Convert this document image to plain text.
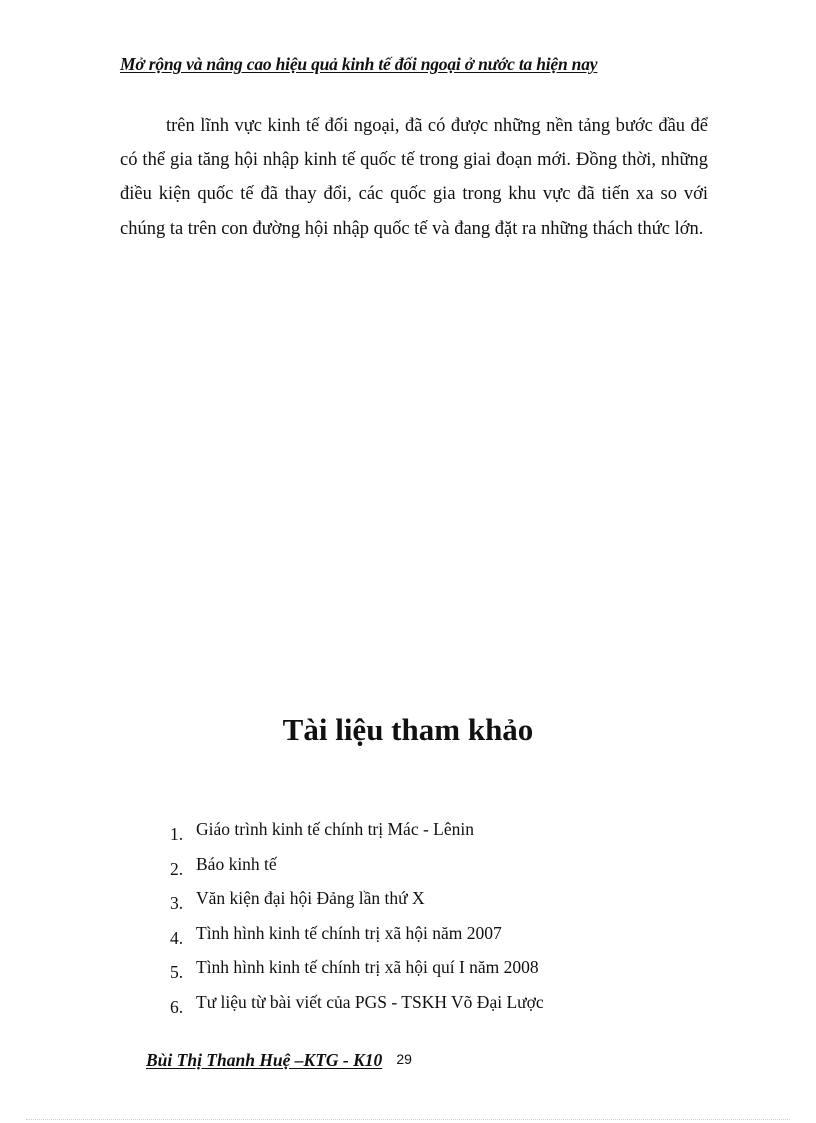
Mở rộng và nâng cao hiệu quả kinh tế đối ngoại ở nước ta hiện nay

trên lĩnh vực kinh tế đối ngoại, đã có được những nền tảng bước đầu để có thể gia tăng hội nhập kinh tế quốc tế trong giai đoạn mới. Đồng thời, những điều kiện quốc tế đã thay đổi, các quốc gia trong khu vực đã tiến xa so với chúng ta trên con đường hội nhập quốc tế và đang đặt ra những thách thức lớn.

Tài liệu tham khảo
1. Giáo trình kinh tế chính trị Mác - Lênin
2. Báo kinh tế
3. Văn kiện đại hội Đảng lần thứ X
4. Tình hình kinh tế chính trị xã hội năm 2007
5. Tình hình kinh tế chính trị xã hội quí I năm 2008
6. Tư liệu từ bài viết của PGS - TSKH Võ Đại Lược
Bùi Thị Thanh Huệ –KTG - K10 29
